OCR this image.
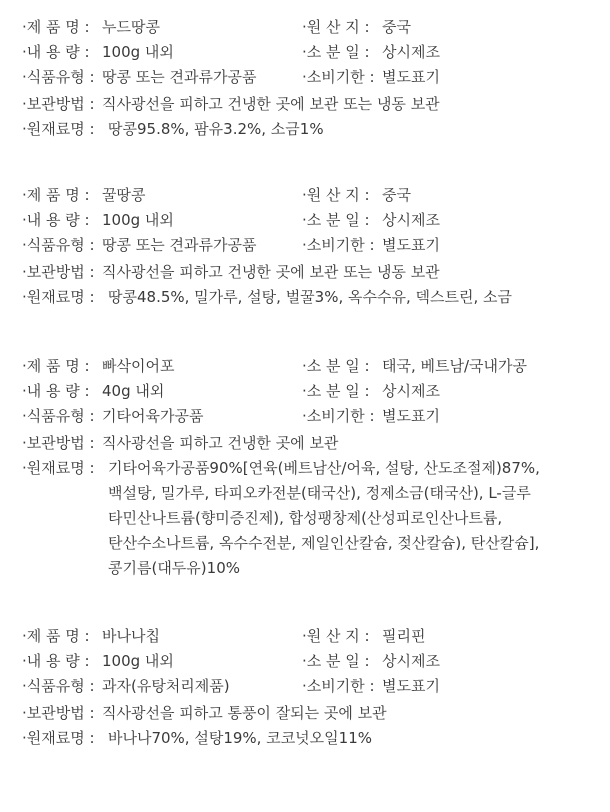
·제 품 명 : 누드땅콩	·원 산 지 : 중국
·내 용 량 : 100g 내외	·소 분 일 : 상시제조
·식품유형 : 땅콩 또는 견과류가공품	·소비기한 : 별도표기
·보관방법 : 직사광선을 피하고 건냉한 곳에 보관 또는 냉동 보관
·원재료명 : 땅콩95.8%, 팜유3.2%, 소금1%
·제 품 명 : 꿀땅콩	·원 산 지 : 중국
·내 용 량 : 100g 내외	·소 분 일 : 상시제조
·식품유형 : 땅콩 또는 견과류가공품	·소비기한 : 별도표기
·보관방법 : 직사광선을 피하고 건냉한 곳에 보관 또는 냉동 보관
·원재료명 : 땅콩48.5%, 밀가루, 설탕, 벌꿀3%, 옥수수유, 덱스트린, 소금
·제 품 명 : 빠삭이어포	·소 분 일 : 태국, 베트남/국내가공
·내 용 량 : 40g 내외	·소 분 일 : 상시제조
·식품유형 : 기타어육가공품	·소비기한 : 별도표기
·보관방법 : 직사광선을 피하고 건냉한 곳에 보관
·원재료명 : 기타어육가공품90%[연육(베트남산/어육, 설탕, 산도조절제)87%,
백설탕, 밀가루, 타피오카전분(태국산), 정제소금(태국산), L-글루
타민산나트륨(향미증진제), 합성팽창제(산성피로인산나트륨,
탄산수소나트륨, 옥수수전분, 제일인산칼슘, 젖산칼슘), 탄산칼슘],
콩기름(대두유)10%
·제 품 명 : 바나나칩	·원 산 지 : 필리핀
·내 용 량 : 100g 내외	·소 분 일 : 상시제조
·식품유형 : 과자(유탕처리제품)	·소비기한 : 별도표기
·보관방법 : 직사광선을 피하고 통풍이 잘되는 곳에 보관
·원재료명 : 바나나70%, 설탕19%, 코코넛오일11%
